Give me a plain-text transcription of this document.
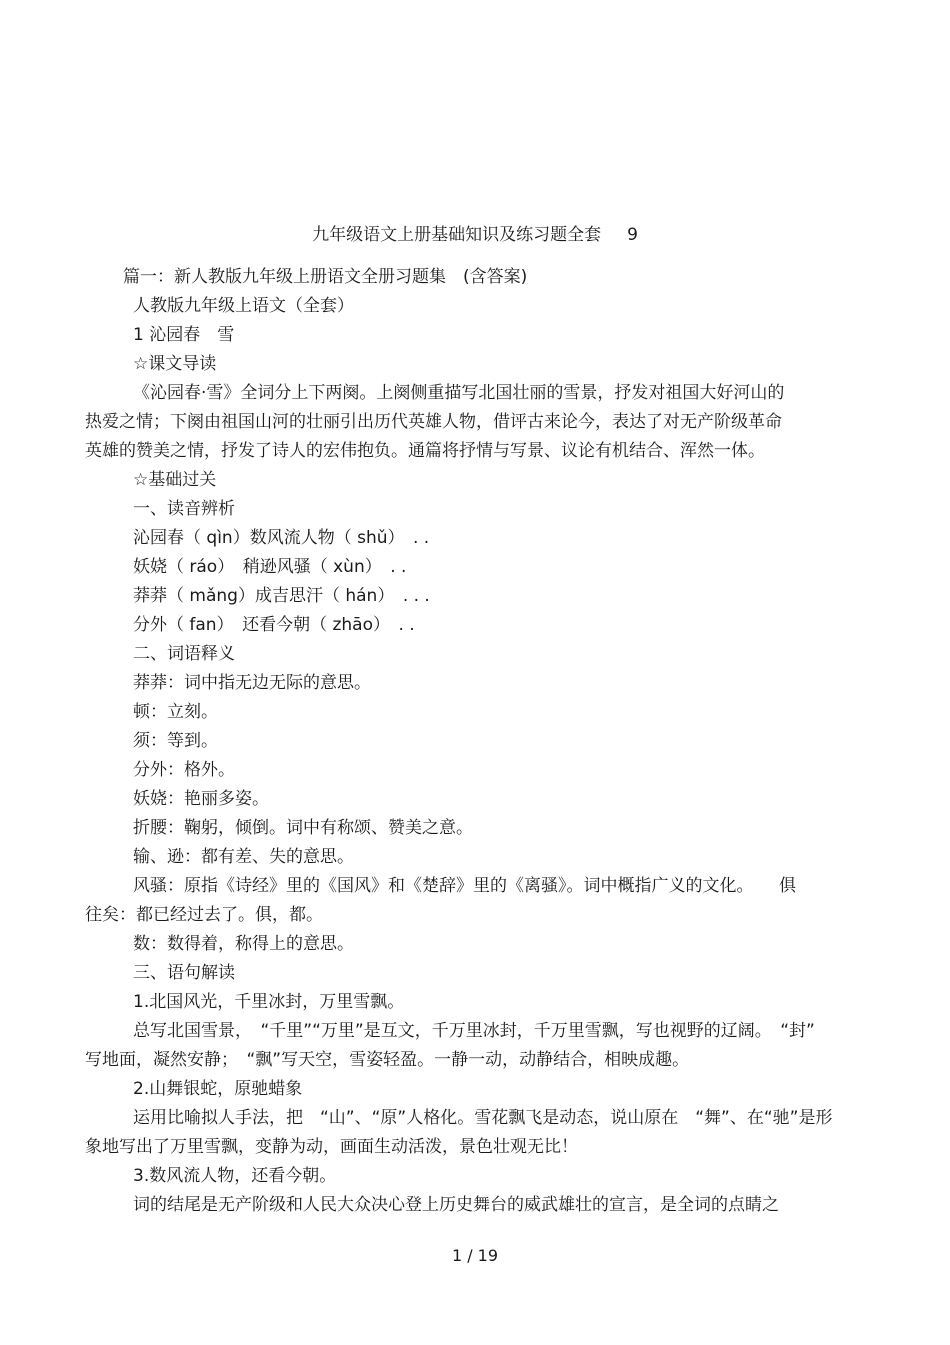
九年级语文上册基础知识及练习题全套 9
篇一：新人教版九年级上册语文全册习题集　(含答案)
人教版九年级上语文（全套）
1 沁园春　雪
☆课文导读
《沁园春·雪》全词分上下两阕。上阕侧重描写北国壮丽的雪景，抒发对祖国大好河山的
热爱之情；下阕由祖国山河的壮丽引出历代英雄人物，借评古来论今，表达了对无产阶级革命
英雄的赞美之情，抒发了诗人的宏伟抱负。通篇将抒情与写景、议论有机结合、浑然一体。
☆基础过关
一、读音辨析
沁园春（ qìn）数风流人物（ shǔ）　. .
妖娆（ ráo）　稍逊风骚（ xùn）　. .
莽莽（ mǎng）成吉思汗（ hán）　. . .
分外（ fan）　还看今朝（ zhāo）　. .
二、词语释义
莽莽：词中指无边无际的意思。
顿：立刻。
须：等到。
分外：格外。
妖娆：艳丽多姿。
折腰：鞠躬，倾倒。词中有称颂、赞美之意。
输、逊：都有差、失的意思。
风骚：原指《诗经》里的《国风》和《楚辞》里的《离骚》。词中概指广义的文化。　　俱
往矣：都已经过去了。俱，都。
数：数得着，称得上的意思。
三、语句解读
1.北国风光，千里冰封，万里雪飘。
总写北国雪景，　“千里”“万里”是互文，千万里冰封，千万里雪飘，写也视野的辽阔。　“封”
写地面，凝然安静；　“飘”写天空，雪姿轻盈。一静一动，动静结合，相映成趣。
2.山舞银蛇，原驰蜡象
运用比喻拟人手法，把　“山”、“原”人格化。雪花飘飞是动态，说山原在　“舞”、在“驰”是形
象地写出了万里雪飘，变静为动，画面生动活泼，景色壮观无比！
3.数风流人物，还看今朝。
词的结尾是无产阶级和人民大众决心登上历史舞台的威武雄壮的宣言，是全词的点睛之
1 / 19
